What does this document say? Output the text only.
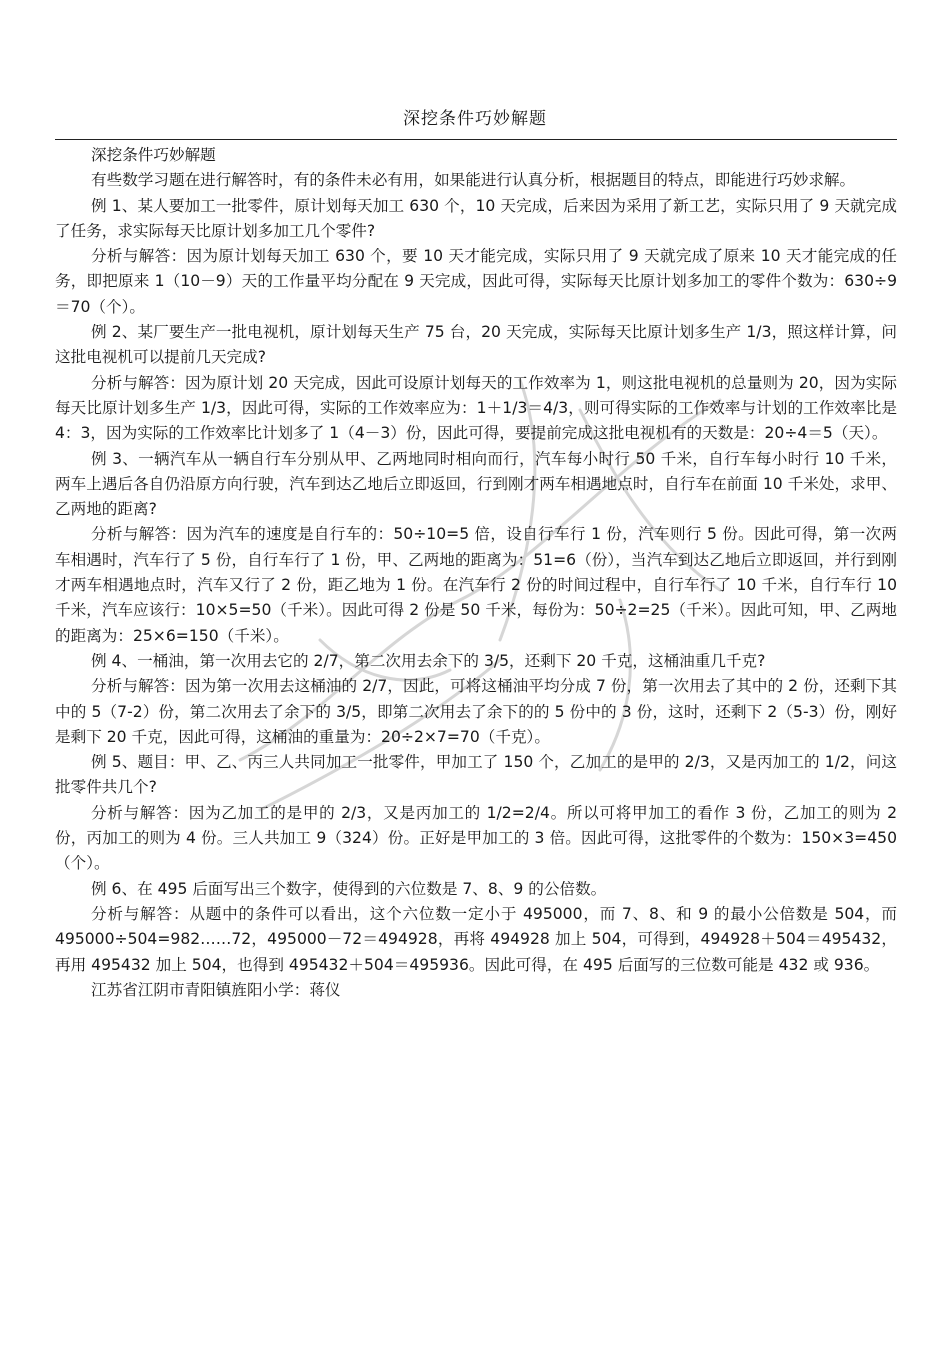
深挖条件巧妙解题

深挖条件巧妙解题

有些数学习题在进行解答时，有的条件未必有用，如果能进行认真分析，根据题目的特点，即能进行巧妙求解。

例 1、某人要加工一批零件，原计划每天加工 630 个，10 天完成，后来因为采用了新工艺，实际只用了 9 天就完成了任务，求实际每天比原计划多加工几个零件?

分析与解答：因为原计划每天加工 630 个，要 10 天才能完成，实际只用了 9 天就完成了原来 10 天才能完成的任务，即把原来 1（10－9）天的工作量平均分配在 9 天完成，因此可得，实际每天比原计划多加工的零件个数为：630÷9＝70（个）。

例 2、某厂要生产一批电视机，原计划每天生产 75 台，20 天完成，实际每天比原计划多生产 1/3，照这样计算，问这批电视机可以提前几天完成?

分析与解答：因为原计划 20 天完成，因此可设原计划每天的工作效率为 1，则这批电视机的总量则为 20，因为实际每天比原计划多生产 1/3，因此可得，实际的工作效率应为：1＋1/3＝4/3，则可得实际的工作效率与计划的工作效率比是 4：3，因为实际的工作效率比计划多了 1（4－3）份，因此可得，要提前完成这批电视机有的天数是：20÷4＝5（天）。

例 3、一辆汽车从一辆自行车分别从甲、乙两地同时相向而行，汽车每小时行 50 千米，自行车每小时行 10 千米，两车上遇后各自仍沿原方向行驶，汽车到达乙地后立即返回，行到刚才两车相遇地点时，自行车在前面 10 千米处，求甲、乙两地的距离?

分析与解答：因为汽车的速度是自行车的：50÷10=5 倍，设自行车行 1 份，汽车则行 5 份。因此可得，第一次两车相遇时，汽车行了 5 份，自行车行了 1 份，甲、乙两地的距离为：51=6（份），当汽车到达乙地后立即返回，并行到刚才两车相遇地点时，汽车又行了 2 份，距乙地为 1 份。在汽车行 2 份的时间过程中，自行车行了 10 千米，自行车行 10 千米，汽车应该行：10×5=50（千米）。因此可得 2 份是 50 千米，每份为：50÷2=25（千米）。因此可知，甲、乙两地的距离为：25×6=150（千米）。

例 4、一桶油，第一次用去它的 2/7，第二次用去余下的 3/5，还剩下 20 千克，这桶油重几千克?

分析与解答：因为第一次用去这桶油的 2/7，因此，可将这桶油平均分成 7 份，第一次用去了其中的 2 份，还剩下其中的 5（7-2）份，第二次用去了余下的 3/5，即第二次用去了余下的的 5 份中的 3 份，这时，还剩下 2（5-3）份，刚好是剩下 20 千克，因此可得，这桶油的重量为：20÷2×7=70（千克）。

例 5、题目：甲、乙、丙三人共同加工一批零件，甲加工了 150 个，乙加工的是甲的 2/3，又是丙加工的 1/2，问这批零件共几个?

分析与解答：因为乙加工的是甲的 2/3，又是丙加工的 1/2=2/4。所以可将甲加工的看作 3 份，乙加工的则为 2 份，丙加工的则为 4 份。三人共加工 9（324）份。正好是甲加工的 3 倍。因此可得，这批零件的个数为：150×3=450（个）。

例 6、在 495 后面写出三个数字，使得到的六位数是 7、8、9 的公倍数。

分析与解答：从题中的条件可以看出，这个六位数一定小于 495000，而 7、8、和 9 的最小公倍数是 504，而 495000÷504=982……72，495000－72＝494928，再将 494928 加上 504，可得到，494928＋504＝495432，再用 495432 加上 504，也得到 495432＋504＝495936。因此可得，在 495 后面写的三位数可能是 432 或 936。

江苏省江阴市青阳镇旌阳小学：蒋仪
